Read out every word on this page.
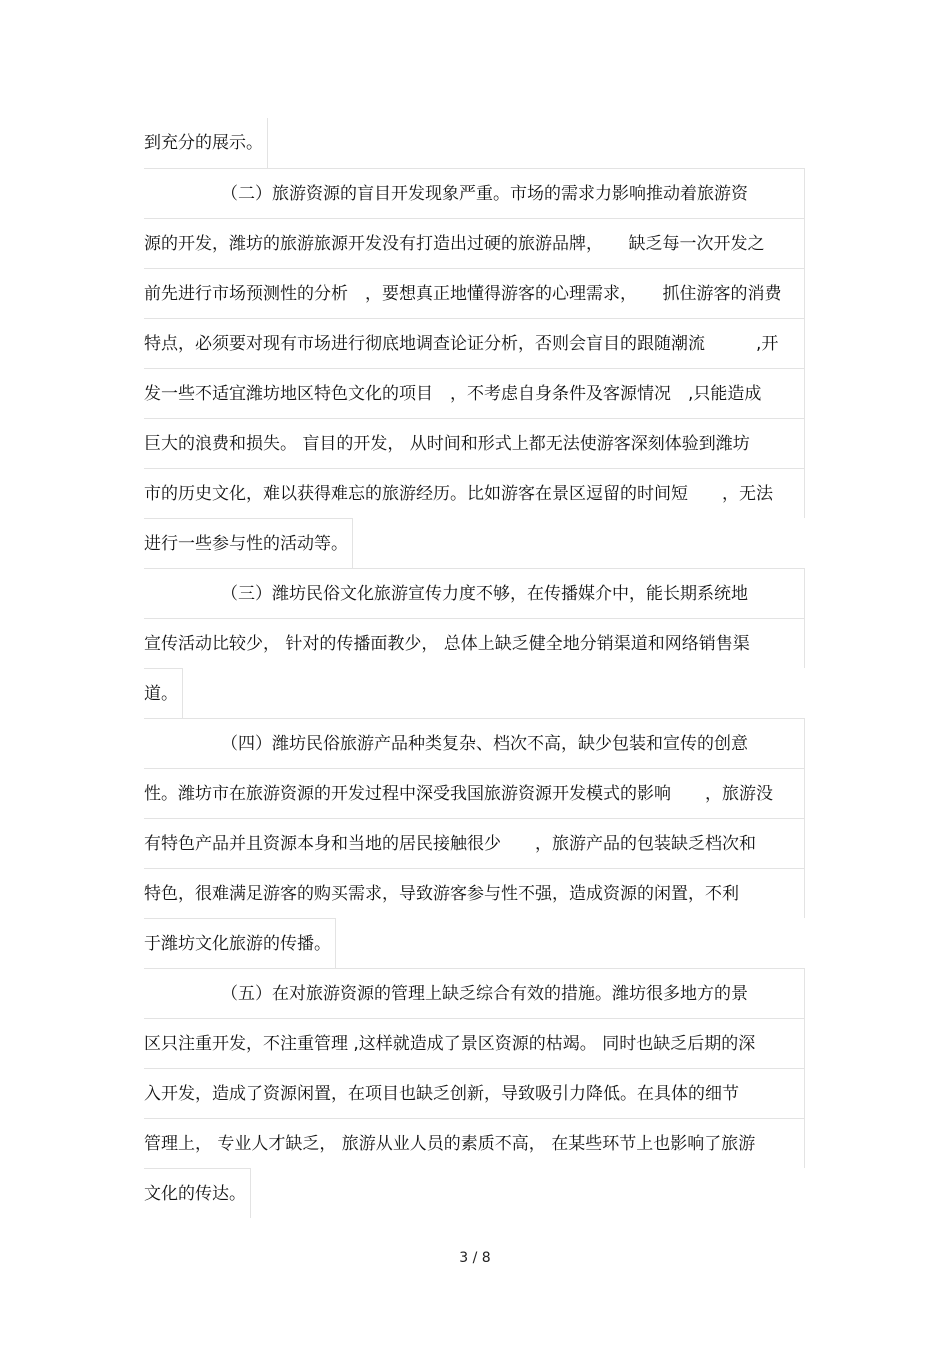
到充分的展示。
（二）旅游资源的盲目开发现象严重。市场的需求力影响推动着旅游资
源的开发，潍坊的旅游旅源开发没有打造出过硬的旅游品牌，　　缺乏每一次开发之
前先进行市场预测性的分析　，要想真正地懂得游客的心理需求，　　抓住游客的消费
特点，必须要对现有市场进行彻底地调查论证分析，否则会盲目的跟随潮流　　　,开
发一些不适宜潍坊地区特色文化的项目　，不考虑自身条件及客源情况　,只能造成
巨大的浪费和损失。 盲目的开发， 从时间和形式上都无法使游客深刻体验到潍坊
市的历史文化，难以获得难忘的旅游经历。比如游客在景区逗留的时间短　　，无法
进行一些参与性的活动等。
（三）潍坊民俗文化旅游宣传力度不够，在传播媒介中，能长期系统地
宣传活动比较少， 针对的传播面教少， 总体上缺乏健全地分销渠道和网络销售渠
道。
（四）潍坊民俗旅游产品种类复杂、档次不高，缺少包装和宣传的创意
性。潍坊市在旅游资源的开发过程中深受我国旅游资源开发模式的影响　　，旅游没
有特色产品并且资源本身和当地的居民接触很少　　，旅游产品的包装缺乏档次和
特色，很难满足游客的购买需求，导致游客参与性不强，造成资源的闲置，不利
于潍坊文化旅游的传播。
（五）在对旅游资源的管理上缺乏综合有效的措施。潍坊很多地方的景
区只注重开发，不注重管理 ,这样就造成了景区资源的枯竭。 同时也缺乏后期的深
入开发，造成了资源闲置，在项目也缺乏创新，导致吸引力降低。在具体的细节
管理上， 专业人才缺乏， 旅游从业人员的素质不高， 在某些环节上也影响了旅游
文化的传达。
3 / 8
